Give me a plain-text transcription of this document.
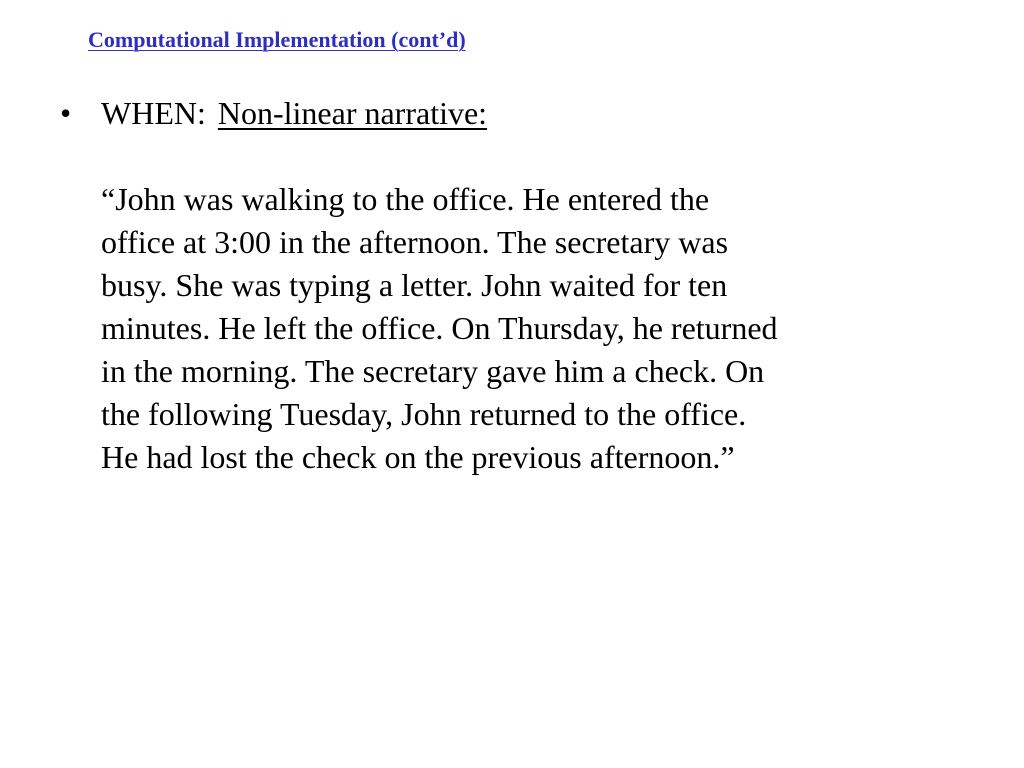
Computational Implementation (cont’d)
• WHEN: Non-linear narrative:
“John was walking to the office. He entered the
office at 3:00 in the afternoon. The secretary was
busy. She was typing a letter. John waited for ten
minutes. He left the office. On Thursday, he returned
in the morning. The secretary gave him a check. On
the following Tuesday, John returned to the office.
He had lost the check on the previous afternoon.”
